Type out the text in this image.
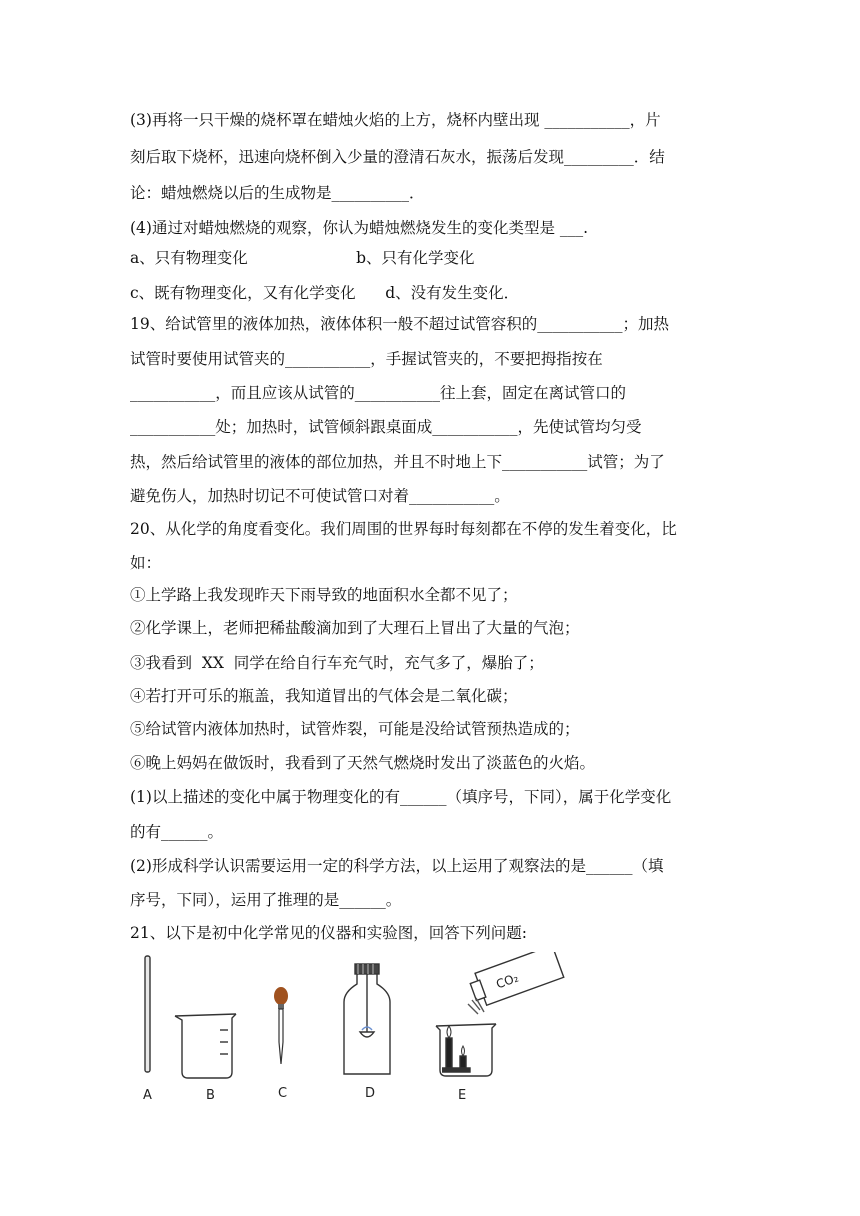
(3)再将一只干燥的烧杯罩在蜡烛火焰的上方，烧杯内壁出现 ___________，片
刻后取下烧杯，迅速向烧杯倒入少量的澄清石灰水，振荡后发现_________．结
论：蜡烛燃烧以后的生成物是__________．
(4)通过对蜡烛燃烧的观察，你认为蜡烛燃烧发生的变化类型是 ___.
a、只有物理变化                      b、只有化学变化
c、既有物理变化，又有化学变化      d、没有发生变化．
19、给试管里的液体加热，液体体积一般不超过试管容积的___________；加热
试管时要使用试管夹的___________，手握试管夹的，不要把拇指按在
___________，而且应该从试管的___________往上套，固定在离试管口的
___________处；加热时，试管倾斜跟桌面成___________，先使试管均匀受
热，然后给试管里的液体的部位加热，并且不时地上下___________试管；为了
避免伤人，加热时切记不可使试管口对着___________。
20、从化学的角度看变化。我们周围的世界每时每刻都在不停的发生着变化，比
如：
①上学路上我发现昨天下雨导致的地面积水全都不见了；
②化学课上，老师把稀盐酸滴加到了大理石上冒出了大量的气泡；
③我看到  XX  同学在给自行车充气时，充气多了，爆胎了；
④若打开可乐的瓶盖，我知道冒出的气体会是二氧化碳；
⑤给试管内液体加热时，试管炸裂，可能是没给试管预热造成的；
⑥晚上妈妈在做饭时，我看到了天然气燃烧时发出了淡蓝色的火焰。
(1)以上描述的变化中属于物理变化的有______（填序号，下同），属于化学变化
的有______。
(2)形成科学认识需要运用一定的科学方法，以上运用了观察法的是______（填
序号，下同），运用了推理的是______。
21、以下是初中化学常见的仪器和实验图，回答下列问题:
CO₂
A	B	C	D	E
